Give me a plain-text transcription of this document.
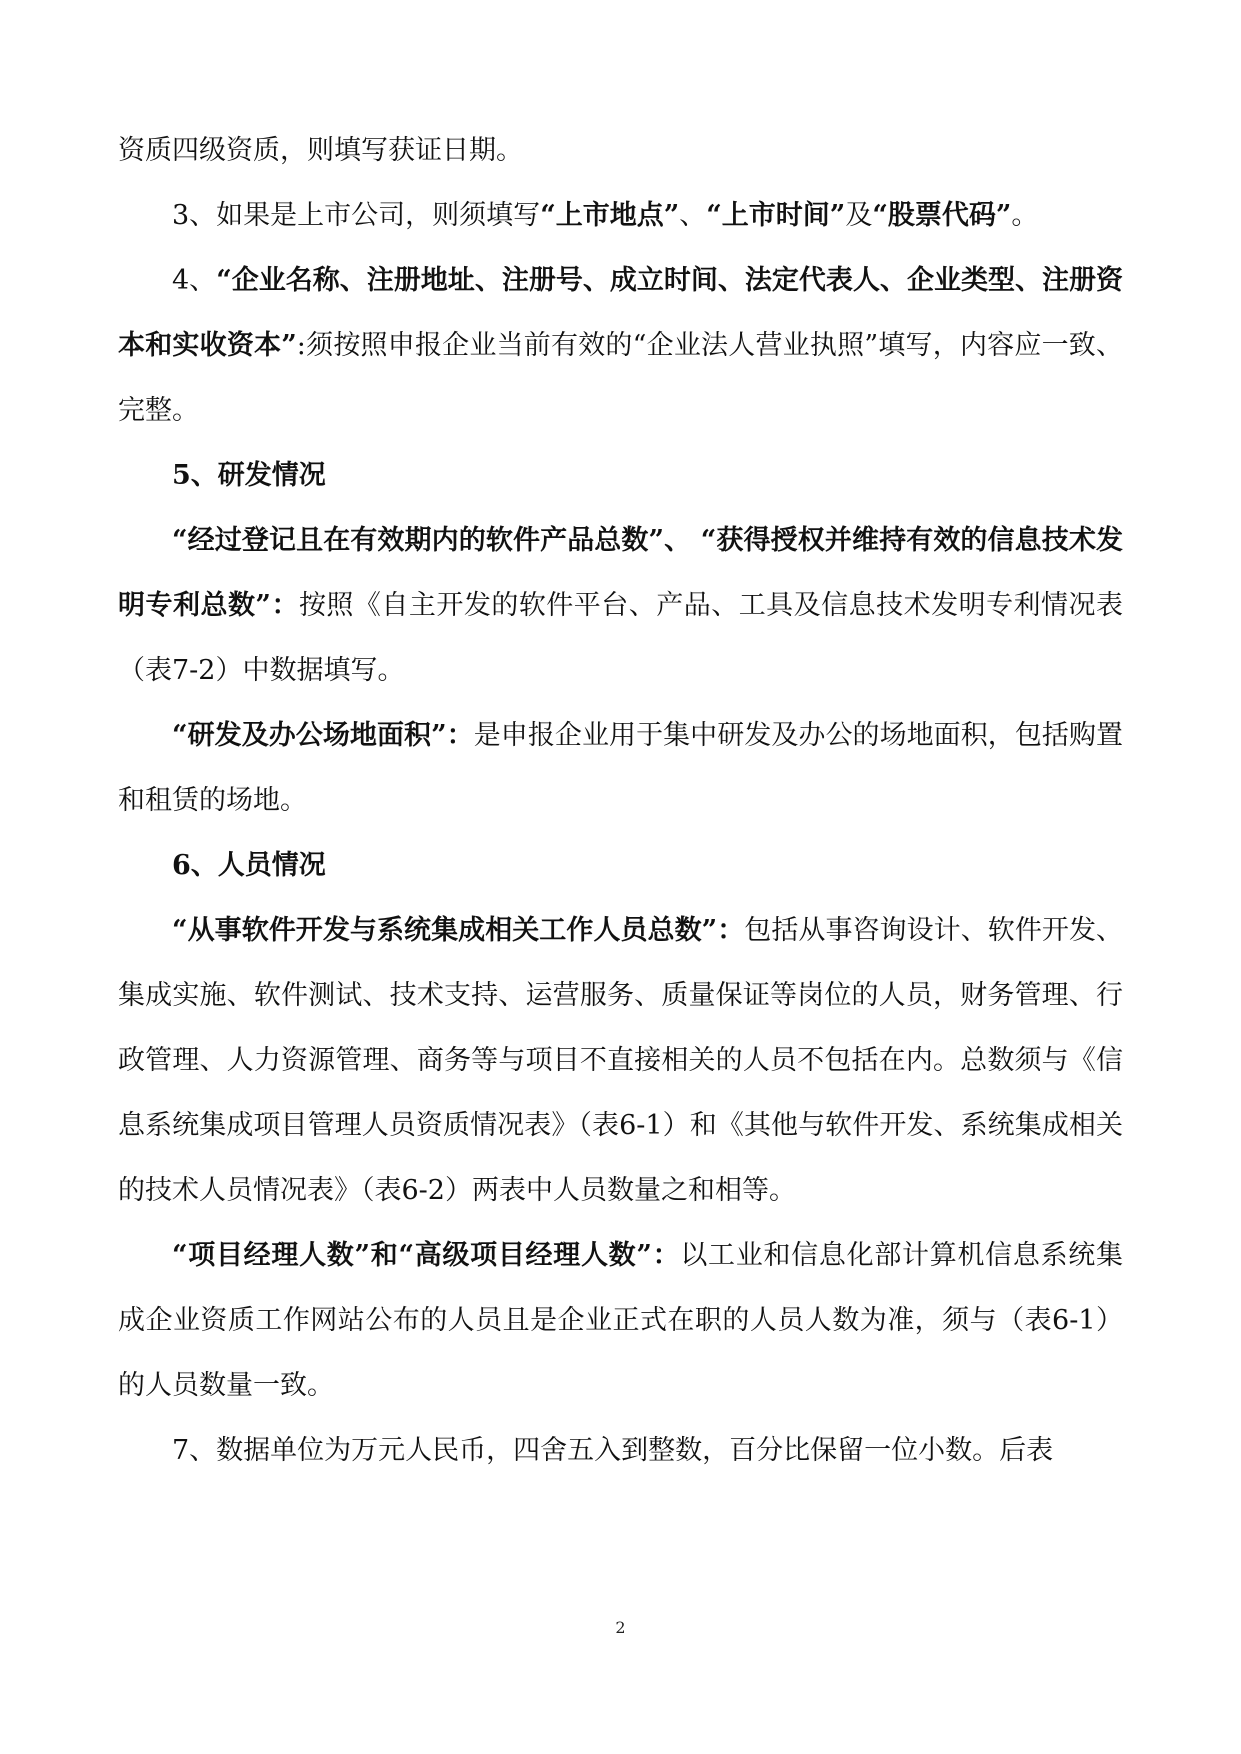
资质四级资质，则填写获证日期。

3、如果是上市公司，则须填写“上市地点”、“上市时间”及“股票代码”。

4、“企业名称、注册地址、注册号、成立时间、法定代表人、企业类型、注册资本和实收资本”:须按照申报企业当前有效的“企业法人营业执照”填写，内容应一致、完整。

5、研发情况

“经过登记且在有效期内的软件产品总数”、 “获得授权并维持有效的信息技术发明专利总数”：按照《自主开发的软件平台、产品、工具及信息技术发明专利情况表（表7-2）中数据填写。

“研发及办公场地面积”：是申报企业用于集中研发及办公的场地面积，包括购置和租赁的场地。

6、人员情况

“从事软件开发与系统集成相关工作人员总数”：包括从事咨询设计、软件开发、集成实施、软件测试、技术支持、运营服务、质量保证等岗位的人员，财务管理、行政管理、人力资源管理、商务等与项目不直接相关的人员不包括在内。总数须与《信息系统集成项目管理人员资质情况表》（表6-1）和《其他与软件开发、系统集成相关的技术人员情况表》（表6-2）两表中人员数量之和相等。

“项目经理人数”和“高级项目经理人数”：以工业和信息化部计算机信息系统集成企业资质工作网站公布的人员且是企业正式在职的人员人数为准，须与（表6-1）的人员数量一致。

7、数据单位为万元人民币，四舍五入到整数，百分比保留一位小数。后表

2
